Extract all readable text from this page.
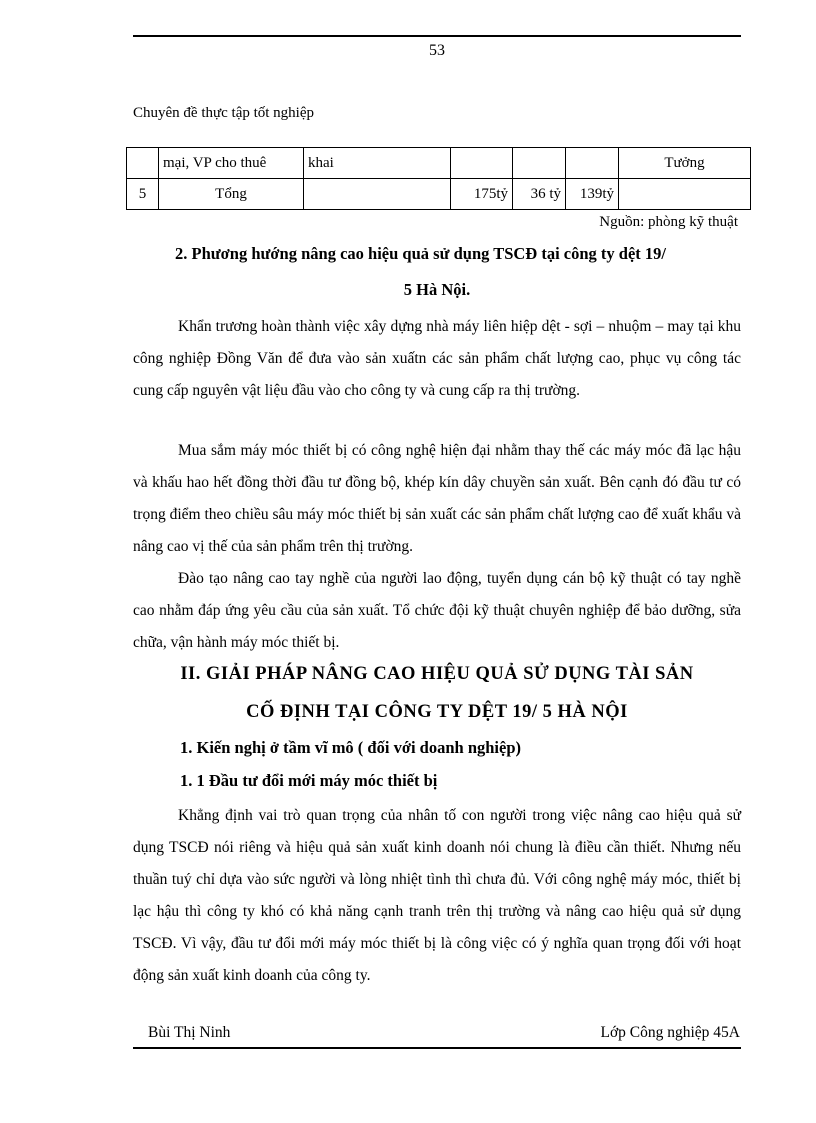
53
Chuyên đề thực tập tốt nghiệp
	mại, VP cho thuê	khai				Tưởng
5	Tổng		175tỷ	36 tỷ	139tỷ	
Nguồn: phòng kỹ thuật
2. Phương hướng nâng cao hiệu quả sử dụng TSCĐ tại công ty dệt 19/
5 Hà Nội.
Khẩn trương hoàn thành việc xây dựng nhà máy liên hiệp dệt - sợi – nhuộm – may tại khu công nghiệp Đồng Văn để đưa vào sản xuấtn các sản phẩm chất lượng cao, phục vụ công tác cung cấp nguyên vật liệu đầu vào cho công ty và cung cấp ra thị trường.
Mua sắm máy móc thiết bị có công nghệ hiện đại nhằm thay thế các máy móc đã lạc hậu và khấu hao hết đồng thời đầu tư đồng bộ, khép kín dây chuyền sản xuất. Bên cạnh đó đầu tư có trọng điểm theo chiều sâu máy móc thiết bị sản xuất các sản phẩm chất lượng cao để xuất khẩu và nâng cao vị thế của sản phẩm trên thị trường.
Đào tạo nâng cao tay nghề của người lao động, tuyển dụng cán bộ kỹ thuật có tay nghề cao nhằm đáp ứng yêu cầu của sản xuất. Tổ chức đội kỹ thuật chuyên nghiệp để bảo dưỡng, sửa chữa, vận hành máy móc thiết bị.
II. GIẢI PHÁP NÂNG CAO HIỆU QUẢ SỬ DỤNG TÀI SẢN
CỐ ĐỊNH TẠI CÔNG TY DỆT 19/ 5 HÀ NỘI
1. Kiến nghị ở tầm vĩ mô ( đối với doanh nghiệp)
1. 1 Đầu tư đổi mới máy móc thiết bị
Khẳng định vai trò quan trọng của nhân tố con người trong việc nâng cao hiệu quả sử dụng TSCĐ nói riêng và hiệu quả sản xuất kinh doanh nói chung là điều cần thiết. Nhưng nếu thuần tuý chỉ dựa vào sức người và lòng nhiệt tình thì chưa đủ. Với công nghệ máy móc, thiết bị lạc hậu thì công ty khó có khả năng cạnh tranh trên thị trường và nâng cao hiệu quả sử dụng TSCĐ. Vì vậy, đầu tư đổi mới máy móc thiết bị là công việc có ý nghĩa quan trọng đối với hoạt động sản xuất kinh doanh của công ty.
Bùi Thị Ninh	Lớp Công nghiệp 45A
